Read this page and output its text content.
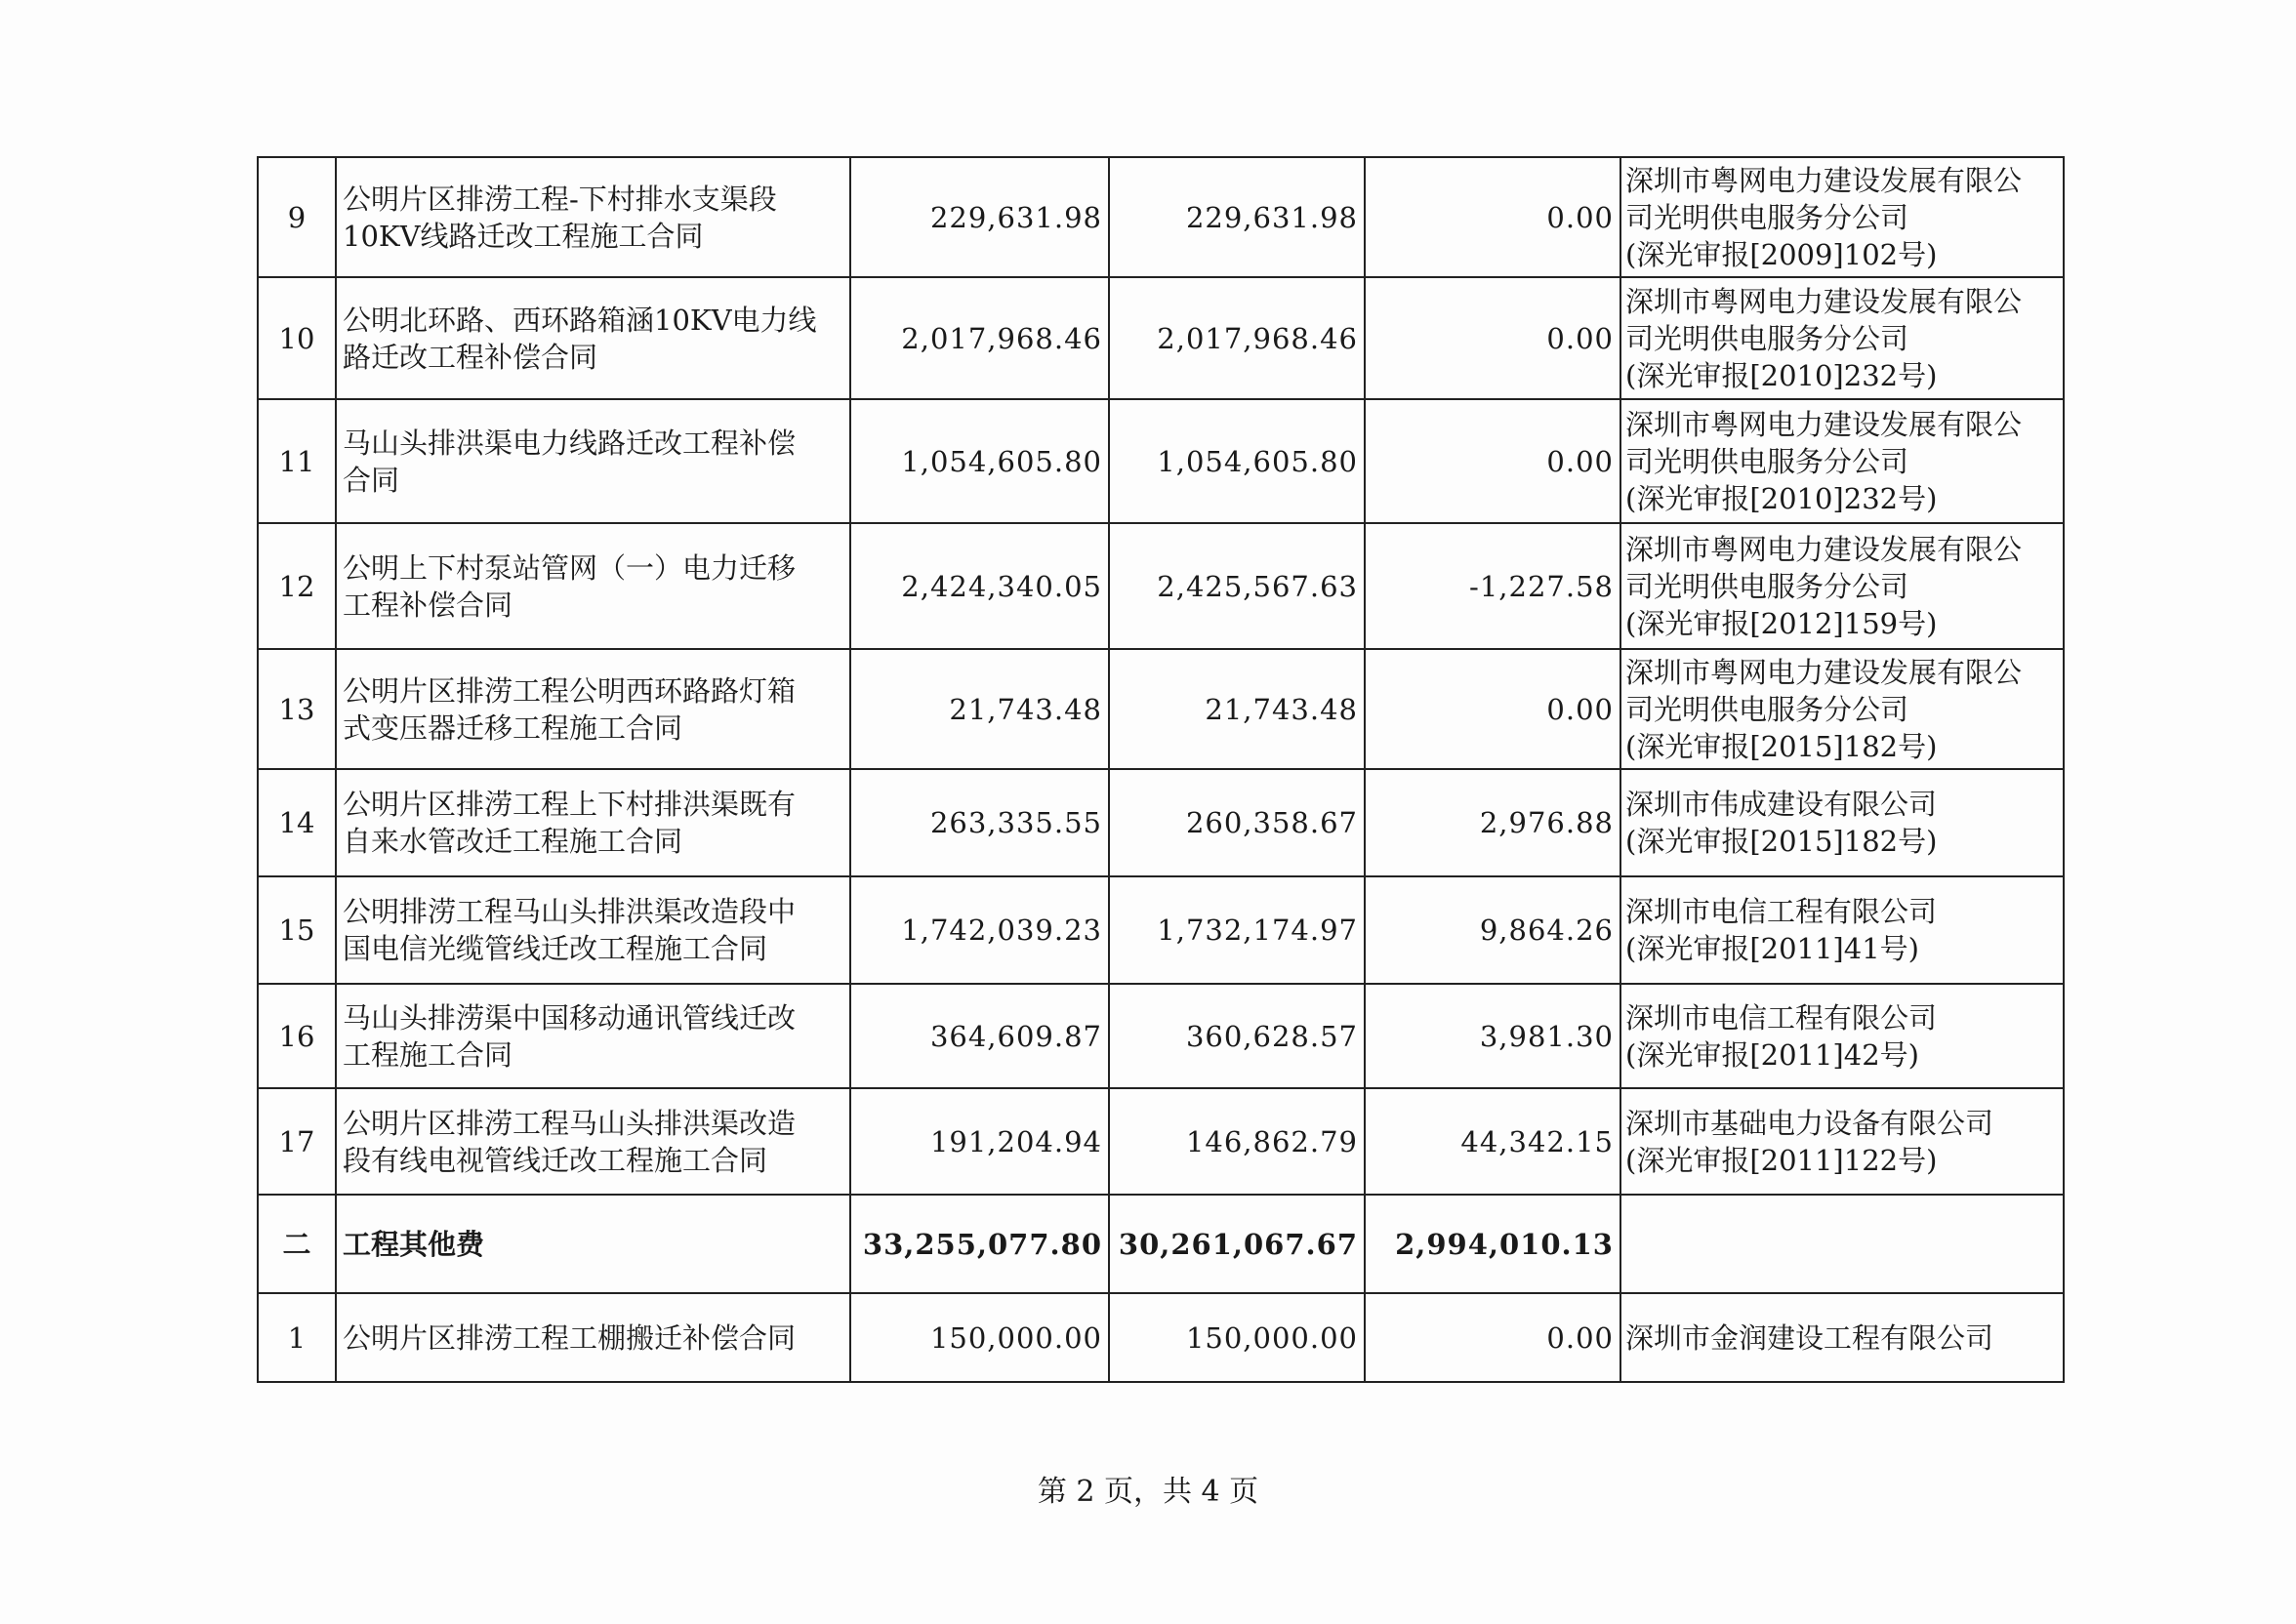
9	公明片区排涝工程-下村排水支渠段
10KV线路迁改工程施工合同	229,631.98	229,631.98	0.00	深圳市粤网电力建设发展有限公
司光明供电服务分公司
(深光审报[2009]102号)

10	公明北环路、西环路箱涵10KV电力线
路迁改工程补偿合同	2,017,968.46	2,017,968.46	0.00	深圳市粤网电力建设发展有限公
司光明供电服务分公司
(深光审报[2010]232号)

11	马山头排洪渠电力线路迁改工程补偿
合同	1,054,605.80	1,054,605.80	0.00	深圳市粤网电力建设发展有限公
司光明供电服务分公司
(深光审报[2010]232号)

12	公明上下村泵站管网（一）电力迁移
工程补偿合同	2,424,340.05	2,425,567.63	-1,227.58	深圳市粤网电力建设发展有限公
司光明供电服务分公司
(深光审报[2012]159号)

13	公明片区排涝工程公明西环路路灯箱
式变压器迁移工程施工合同	21,743.48	21,743.48	0.00	深圳市粤网电力建设发展有限公
司光明供电服务分公司
(深光审报[2015]182号)

14	公明片区排涝工程上下村排洪渠既有
自来水管改迁工程施工合同	263,335.55	260,358.67	2,976.88	深圳市伟成建设有限公司
(深光审报[2015]182号)

15	公明排涝工程马山头排洪渠改造段中
国电信光缆管线迁改工程施工合同	1,742,039.23	1,732,174.97	9,864.26	深圳市电信工程有限公司
(深光审报[2011]41号)

16	马山头排涝渠中国移动通讯管线迁改
工程施工合同	364,609.87	360,628.57	3,981.30	深圳市电信工程有限公司
(深光审报[2011]42号)

17	公明片区排涝工程马山头排洪渠改造
段有线电视管线迁改工程施工合同	191,204.94	146,862.79	44,342.15	深圳市基础电力设备有限公司
(深光审报[2011]122号)

二	工程其他费	33,255,077.80	30,261,067.67	2,994,010.13	
1	公明片区排涝工程工棚搬迁补偿合同	150,000.00	150,000.00	0.00	深圳市金润建设工程有限公司
第 2 页，共 4 页
